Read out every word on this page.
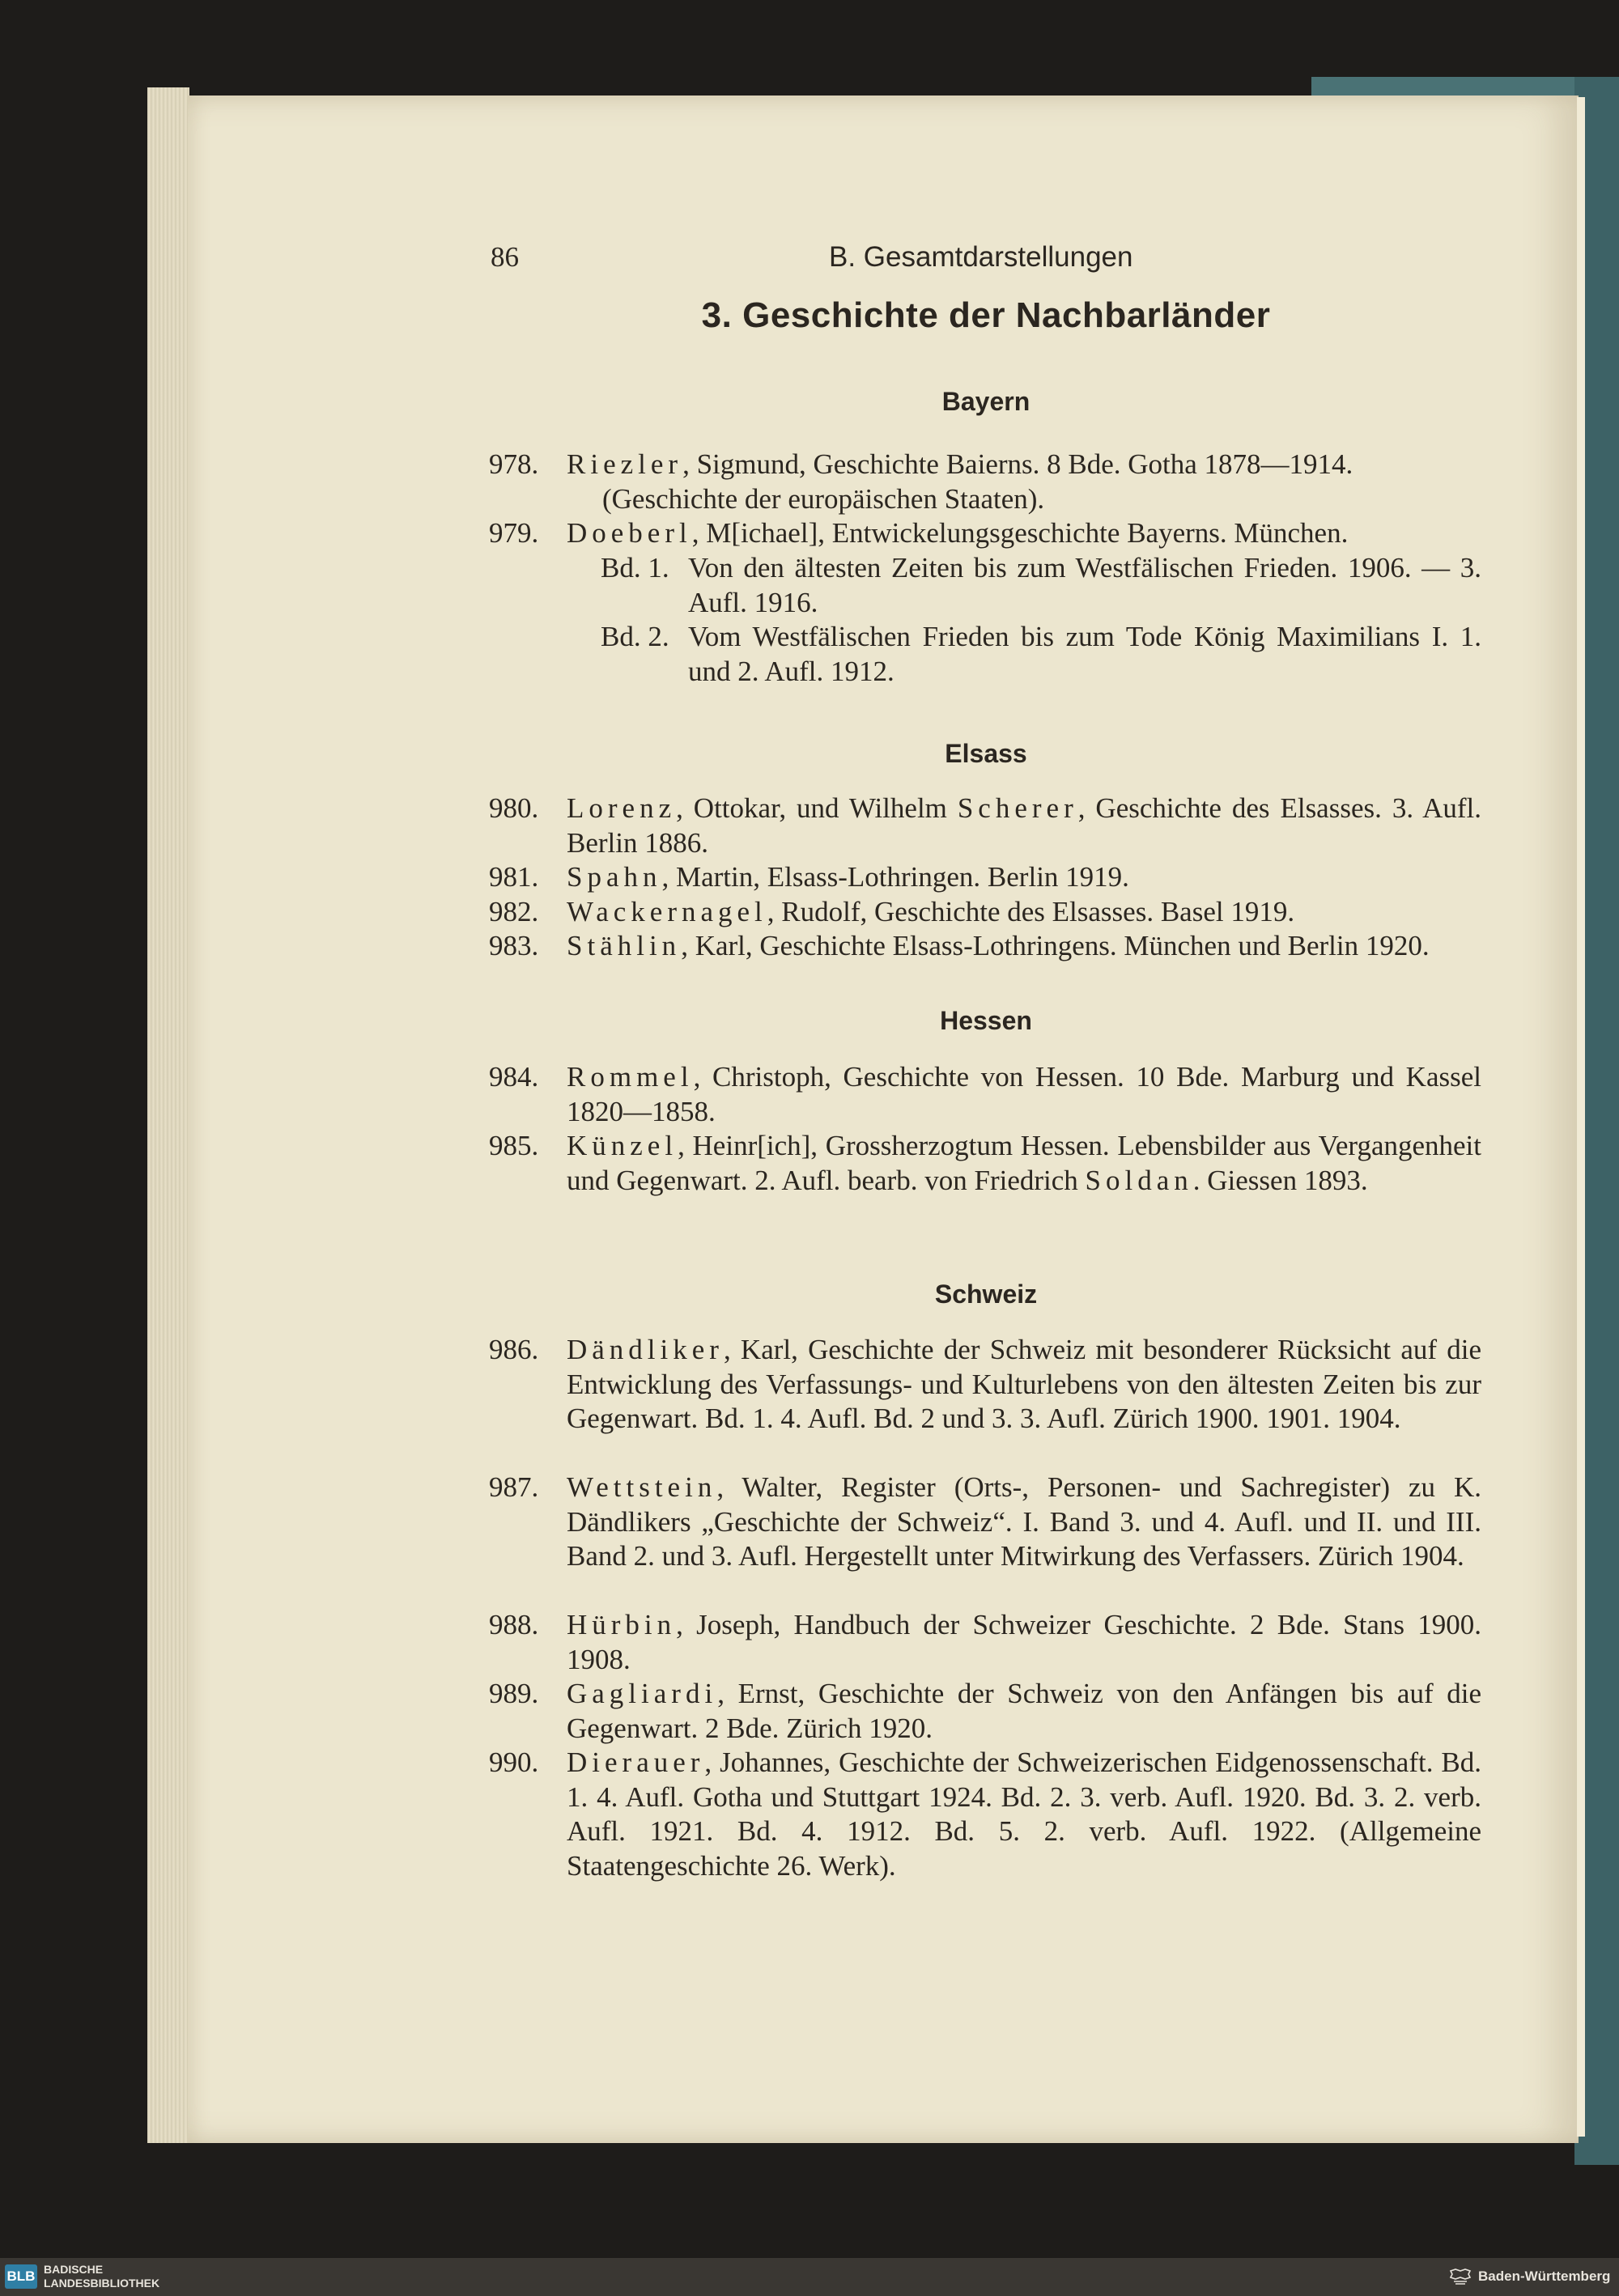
86	B. Gesamtdarstellungen
3. Geschichte der Nachbarländer
Bayern
978. Riezler, Sigmund, Geschichte Baierns. 8 Bde. Gotha 1878—1914.
(Geschichte der europäischen Staaten).
979. Doeberl, M[ichael], Entwickelungsgeschichte Bayerns. München.
Bd. 1. Von den ältesten Zeiten bis zum Westfälischen Frieden. 1906. — 3. Aufl. 1916.
Bd. 2. Vom Westfälischen Frieden bis zum Tode König Maximilians I. 1. und 2. Aufl. 1912.
Elsass
980. Lorenz, Ottokar, und Wilhelm Scherer, Geschichte des Elsasses. 3. Aufl. Berlin 1886.
981. Spahn, Martin, Elsass-Lothringen. Berlin 1919.
982. Wackernagel, Rudolf, Geschichte des Elsasses. Basel 1919.
983. Stählin, Karl, Geschichte Elsass-Lothringens. München und Berlin 1920.
Hessen
984. Rommel, Christoph, Geschichte von Hessen. 10 Bde. Marburg und Kassel 1820—1858.
985. Künzel, Heinr[ich], Grossherzogtum Hessen. Lebensbilder aus Vergangenheit und Gegenwart. 2. Aufl. bearb. von Friedrich Soldan. Giessen 1893.
Schweiz
986. Dändliker, Karl, Geschichte der Schweiz mit besonderer Rücksicht auf die Entwicklung des Verfassungs- und Kulturlebens von den ältesten Zeiten bis zur Gegenwart. Bd. 1. 4. Aufl. Bd. 2 und 3. 3. Aufl. Zürich 1900. 1901. 1904.
987. Wettstein, Walter, Register (Orts-, Personen- und Sachregister) zu K. Dändlikers „Geschichte der Schweiz“. I. Band 3. und 4. Aufl. und II. und III. Band 2. und 3. Aufl. Hergestellt unter Mitwirkung des Verfassers. Zürich 1904.
988. Hürbin, Joseph, Handbuch der Schweizer Geschichte. 2 Bde. Stans 1900. 1908.
989. Gagliardi, Ernst, Geschichte der Schweiz von den Anfängen bis auf die Gegenwart. 2 Bde. Zürich 1920.
990. Dierauer, Johannes, Geschichte der Schweizerischen Eidgenossenschaft. Bd. 1. 4. Aufl. Gotha und Stuttgart 1924. Bd. 2. 3. verb. Aufl. 1920. Bd. 3. 2. verb. Aufl. 1921. Bd. 4. 1912. Bd. 5. 2. verb. Aufl. 1922. (Allgemeine Staatengeschichte 26. Werk).
BLB BADISCHE
LANDESBIBLIOTHEK	Baden-Württemberg
